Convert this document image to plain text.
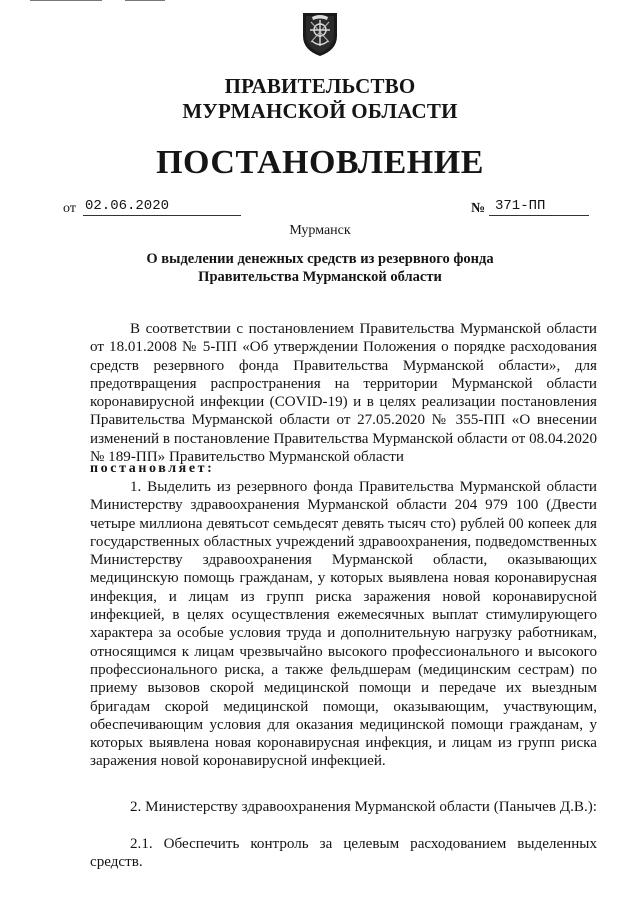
ПРАВИТЕЛЬСТВО
МУРМАНСКОЙ ОБЛАСТИ
ПОСТАНОВЛЕНИЕ
от 02.06.2020	№ 371-ПП
Мурманск
О выделении денежных средств из резервного фонда
Правительства Мурманской области

В соответствии с постановлением Правительства Мурманской области от 18.01.2008 № 5-ПП «Об утверждении Положения о порядке расходования средств резервного фонда Правительства Мурманской области», для предотвращения распространения на территории Мурманской области коронавирусной инфекции (COVID-19) и в целях реализации постановления Правительства Мурманской области от 27.05.2020 № 355-ПП «О внесении изменений в постановление Правительства Мурманской области от 08.04.2020 № 189-ПП» Правительство Мурманской области

постановляет:

1. Выделить из резервного фонда Правительства Мурманской области Министерству здравоохранения Мурманской области 204 979 100 (Двести четыре миллиона девятьсот семьдесят девять тысяч сто) рублей 00 копеек для государственных областных учреждений здравоохранения, подведомственных Министерству здравоохранения Мурманской области, оказывающих медицинскую помощь гражданам, у которых выявлена новая коронавирусная инфекция, и лицам из групп риска заражения новой коронавирусной инфекцией, в целях осуществления ежемесячных выплат стимулирующего характера за особые условия труда и дополнительную нагрузку работникам, относящимся к лицам чрезвычайно высокого профессионального и высокого профессионального риска, а также фельдшерам (медицинским сестрам) по приему вызовов скорой медицинской помощи и передаче их выездным бригадам скорой медицинской помощи, оказывающим, участвующим, обеспечивающим условия для оказания медицинской помощи гражданам, у которых выявлена новая коронавирусная инфекция, и лицам из групп риска заражения новой коронавирусной инфекцией.

2. Министерству здравоохранения Мурманской области (Панычев Д.В.):

2.1. Обеспечить контроль за целевым расходованием выделенных средств.
